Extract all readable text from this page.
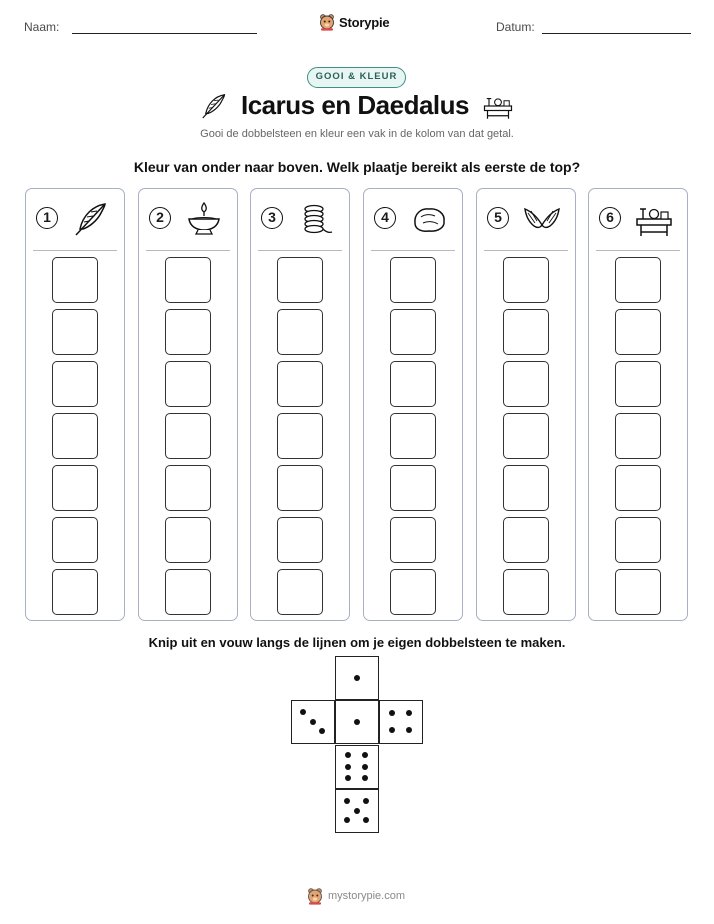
Naam:	Storypie	Datum:
GOOI & KLEUR
Icarus en Daedalus
Gooi de dobbelsteen en kleur een vak in de kolom van dat getal.
Kleur van onder naar boven. Welk plaatje bereikt als eerste de top?
1	2	3	4	5	6
Knip uit en vouw langs de lijnen om je eigen dobbelsteen te maken.
mystorypie.com
